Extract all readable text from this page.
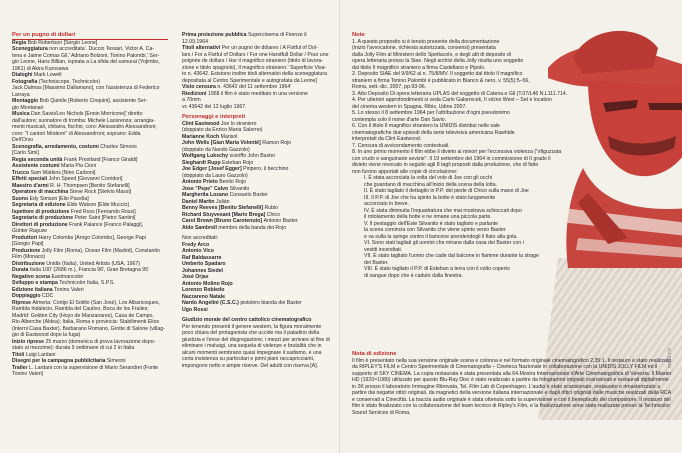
Per un pugno di dollari

Regia Bob Robertson [Sergio Leone]

Sceneggiatura non accreditata'. Duccio Tessari, Victor A. Ca-

tena e Jaime Comas Gil,' Adriano Bolzoni, Tonino Palombi,' Ser-

gio Leone, Hans Billian, ispirata a La sfida del samurai (Yojimbo,

1961) di Akira Kurosawa

Dialoghi Mark Lowell

Fotografia (Techniscope, Technicolor)

Jack Dalmas [Massimo Dallamano], con l'assistenza di Federico

Larraya

Montaggio Bob Quintle [Roberto Cinquini], assistente Ser-

gio Montanari

Musica Dan Savio/Leo Nichols [Ennio Morricone]' diretto

dall'autore; suonatore di tromba: Michele Lacerenza; arrangia-

menti musicali, chitarra, fischio, coro: Alessandro Alessandroni;

coro: "I cantori Moderni" di Alessandroni; soprano: Edda

Dell'Orso

Scenografia, arredamento, costumi Charles Simons

[Carlo Simi]

Regia seconda unità Frank Prestland [Franco Giraldi]

Assistente costumi Maria Pia Cioni

Trucco Sam Watkins [Nino Carboni]

Effetti speciali John Speed [Giovanni Corridori]

Maestro d'armi R. H. Thompsen [Benito Stefanelli]

Operatore di macchina Steve Rock [Stelvio Massi]

Suono Edy Simson [Elio Pacella]

Segretaria di edizione Elde Watson [Elde Muccio]

Ispettore di produzione Fred Ross [Fernando Rossi]

Segretario di produzione Peter Saint [Pietro Santini]

Direttori di produzione Frank Palance [Franco Palaggi],

Günter Raguse

Produttori Harry Colombo [Arrigo Colombo], George Papi

[Giorgio Papi]

Produzione Jolly Film (Roma), Ocean Film (Madrid), Constantin

Film (Monaco)

Distribuzione Unidis (Italia), United Artists (USA, 1967)

Durata Italia 100' (2686 m.), Francia 96', Gran Bretagna 95'

Negativo scena Eastmancolor

Sviluppo e stampa Technicolor Italia, S.P.S.

Edizione italiana Tonino Valeri

Doppiaggio CDC

Riprese Almeria: Cortijo El Sotillo (San José), Los Albaricoques,

Rambla Indalecio, Rambla del Cautivo, Boca de los Frailes;

Madrid: Golden City (Hoyo de Manzanares), Casa de Campo,

Rio Alberche (Aldea); Italia, Roma e provincia: Stabilimenti Elios

(interni Casa Baxter), Barbarano Romano, Grotte di Salone (villag-

gio di Eastwood dopo la fuga)

Inizio riprese 25 marzo (domenica di prova lavorazione dopo-

stato al mezzime): durata 9 settimane di cui 2 in Italia

Titoli Luigi Lardani

Disegni per la campagna pubblicitaria Simeoni

Trailer L. Lardani con la supervisione di Mario Serandrei (Fonte

Tonino Valeri)

Prima proiezione pubblica Supercinema di Firenze il

12.09.1964

Titoli alternativi Per un pugno de dólares / A Fistful of Dol-

lars / For a Fistful of Dollars / For one Handfull Dollar / Pour une

poignée de dollars / Hur il magnifico straniero (titolo di lavora-

zione e titolo spagnolo), Il magnifico straniero.' Superficie Visa-

to n. 43642. Esistono inoltre titoli alternativi della sceneggiatura

depositata al Centro Sperimentale e autografata da Leone]

Visto censura n. 43642 del 11 settembre 1964'

Riedizioni 1968 il film è stato reeditato in una versione

a 70mm

vc 43642 del 12 luglio 1967.

Personaggi e interpreti

Clint Eastwood Joe lo straniero

(doppiato da Enrico Maria Salerno)

Marianne Koch Marisol

John Wells [Gian Maria Volonté] Ramon Rojo

(doppiato da Nando Gazzolo)

Wolfgang Lukschy sceriffo John Baxter

Sieghardt Rupp Esteban Rojo

Joe Edger [Josef Egger] Piripero, il becchino

(doppiato da Lauro Gazzolo)

Antonio Prieto Benito Rojo

Jose "Pepe" Calvo Silvanito

Margherita Lozano Consuelo Baxter

Daniel Martin Julián

Benny Reeves [Benito Stefanelli] Rubio

Richard Stuyvesant [Mario Brega] Chico

Carol Brown [Bruno Carotenuto] Antonio Baxter

Aldo Sambrell membro della banda dei Rojo

Non accreditati:

Fredy Arco

Antonio Vico

Raf Baldassarre

Umberto Spadaro

Johannes Siedel

José Orjas

Antonio Molino Rojo

Lorenzo Robledo

Nazzareno Natale

Nardo Angelini (C.S.C.) pistolero bianda dei Baxter

Ugo Rossi

Giudizio morale del centro cattolico cinematografico

Per tenendo presenti il genere western, la figura moralmente poco chiara del protagonista che uccide ma il paladino della giustizia e l'ense del disgregazione, i mezzi per arrivare al fine di eliminare i malvagi, una sequela di violenze e brutalità che in alcuni momenti sembrano quasi impegnare il sadismo, e una certa insistenza su particolari e primi piani raccapriccianti, impongono netto e ampie riserve. Del adulti con riserva [A].

Note

1. A questo proposito si è tenuto presente della documentazione

(inizio l'avvocatone, richiesta autorizzata, consensi) presentata

dalla Jolly Film al Ministero dello Spettacolo, e degli atti di deposito di

opera letteraria presso la Siae. Negli archivi della Jolly risulta uno soggetto

dal titolo Il magnifico straniero a firma Castellano e Pipolo.

2. Deposito SIAE del 9/9/62 al n. 75/8/MV. Il soggetto dal titolo Il magnifico

straniero a firma Tonino Palombi è pubblicato in Bianco & nero, v. 55(5):5–56,

Roma, sett.-dic. 2007, pp.93-96.

3. Atto Deposito Di opera letteraria UPLAS del soggetto di Catena e Gil (T.07/L46 N.L111.714.

4. Per ulteriori approfondimenti si veda Carlo Gaberscek, Il vicino West – Set e location

del cinema western in Spagna. Ribis, Udine 2007.

5. Lo stesso il 8 settembre 1964 per l'attribuzione d'ogni pseudonimo

contempla solo il nome d'arte Dan Savio.

6. Con il titolo Il magnifico straniero la UNIDIS distribui nelle sale

cinematografiche due episodi della serie televisiva americana Rawhide

interpretati da Clint Eastwood.

7. Censura di avvicendamento contestuali.

8. In uno primo momento il film ebbe il divieto ai minori per l'eccessiva violenza ("sfiguzzata

con crudo e sanguinarie sevizie". Il 19 settembre del 1964 in commissione di II grado il

divieto viene revocato in seguito agli 8 tagli proposti dalla produzione, che di fatto

non furono apportati alle copie di circolazione:

I. È stata accorciata la volta del volo di Joe con gli occhi

che guardano di macchina all'inizio della scena della lotta.

II. È stato tagliato il dettaglio in P.P. del piede di Chico sulla mano di Joe

III. Il P.P. di Joe che ha spinto la botte è stato lungamente

accorciato in breve.

IV. È stata diminuita l'inquadratura che mai mostrava schioccati dopo

il rotolamento della botte e ne rimane una piccola parte.

V. Il pestaggio dell'Este Silvanito è stato tagliato e parlante

la scena comincia con Silvanito che viene spinto verso Baxter

e va sulla la spinge contro il bancone prendendogli il fiato alla gola.

VI. Sono stati tagliati gli uomini che mirano dalla casa dei Baxter con i

vestiti incendiati.

VII. È stato tagliato l'uomo che cade dal balcone in fiamme durante la strage

dei Baxter.

VIII. È stato tagliato il P.P. di Esteban a terra con il volto coperto

di sangue dopo che è caduto dalla finestra.

Nota di edizione

Il film è presentato nella sua versione originale scena e colonna e nel formato originale cinematografico 2,35:1. Il restauro è stato realizzato da RIPLEY'S FILM e Centro Sperimentale di Cinematografia – Cineteca Nazionale in collaborazione con la UNIDIS JOLLY FILM ed il supporto di SKY CINEMA. La copia restaurata è stata presentata alla 64.Mostra Internazionale d'Arte Cinematografica di Venezia. Il Master HD (1920×1080) utilizzato per questo Blu-Ray Disc è stato realizzato a partire da fotogrammi originali scansionati e restaurati digitalmente in 2K presso il laboratorio Immagine Ritrovata, Tel. Film Lab di Copenhagen. L'audio è stato scansionato, restaurato e rimasterizzato a partire dai negativi ottici originali, da magnetici della versione italiana internazionale e dagli ottici originali dalle musiche realizzati dalla RCA e conservati a Cinecittà. La traccia audio originale è stata ottenuta sotto la supervisione e con il beneplacito del compositore. Il restauro del film è stato finalizzato con la collaborazione del team tecnico di Ripley's Film, e la finalizzazione sono state realizzate presso la Technicolor Sound Services di Roma.

RIPLEY'S
